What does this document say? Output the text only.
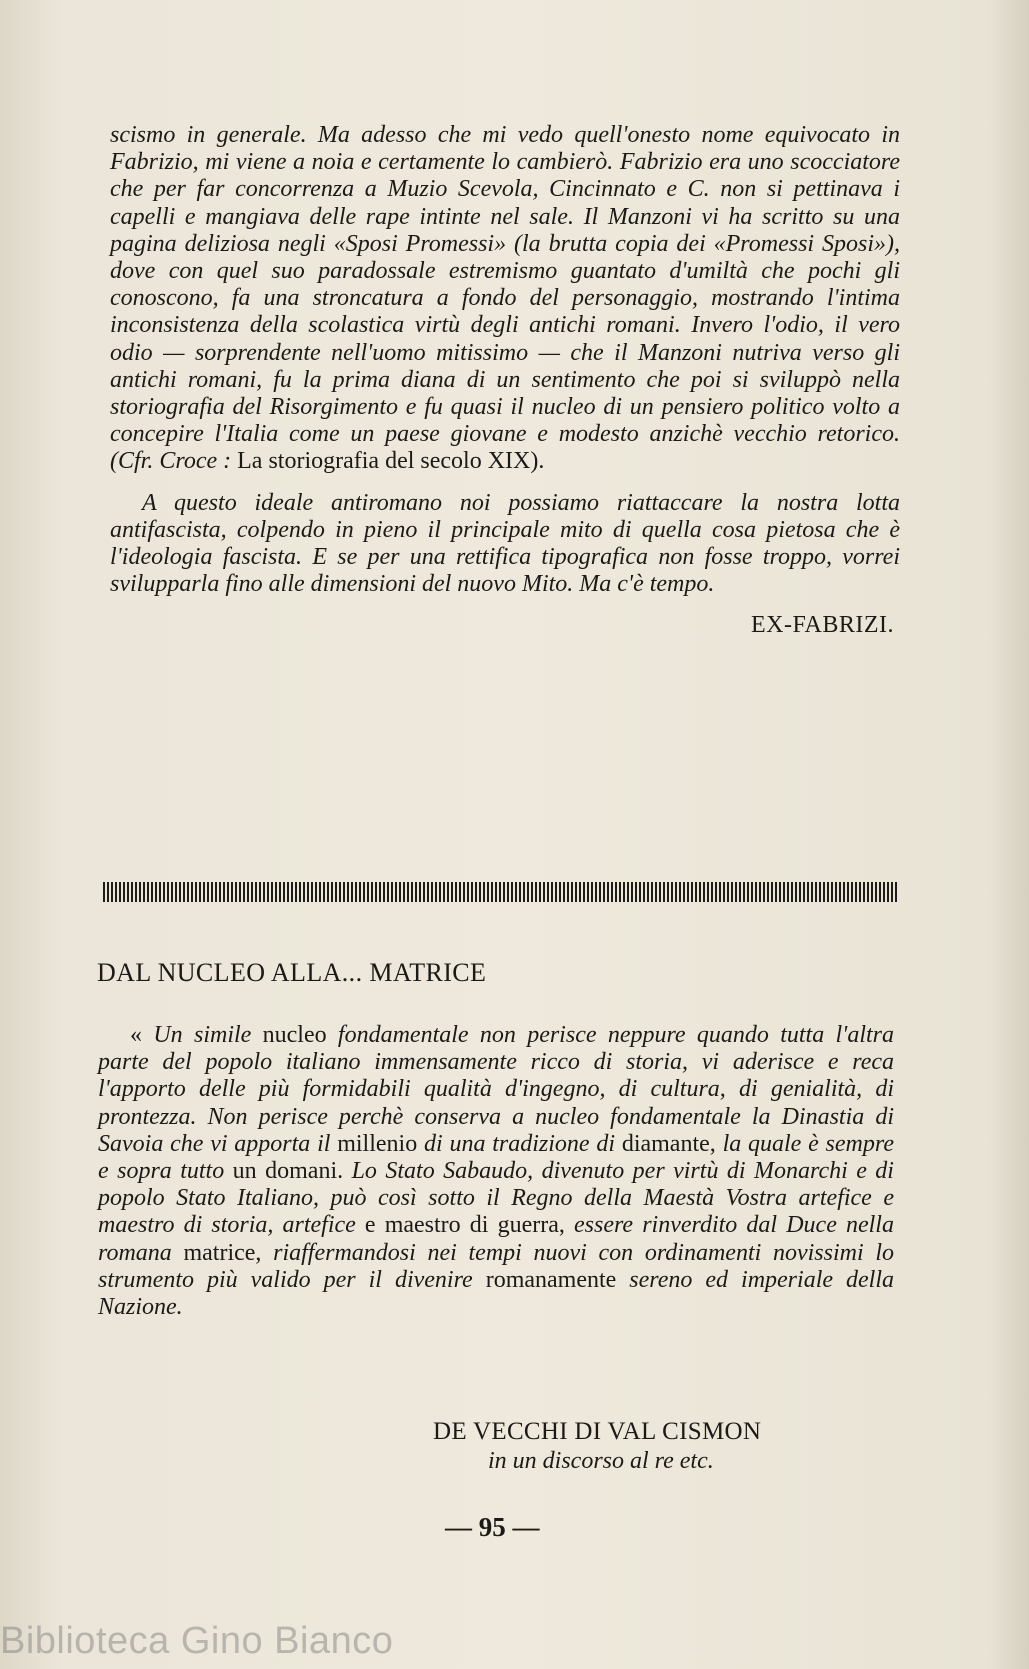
scismo in generale. Ma adesso che mi vedo quell'onesto nome equivocato in Fabrizio, mi viene a noia e certamente lo cambierò. Fabrizio era uno scocciatore che per far concorrenza a Muzio Scevola, Cincinnato e C. non si pettinava i capelli e mangiava delle rape intinte nel sale. Il Manzoni vi ha scritto su una pagina deliziosa negli «Sposi Promessi» (la brutta copia dei «Promessi Sposi»), dove con quel suo paradossale estremismo guantato d'umiltà che pochi gli conoscono, fa una stroncatura a fondo del personaggio, mostrando l'intima inconsistenza della scolastica virtù degli antichi romani. Invero l'odio, il vero odio — sorprendente nell'uomo mitissimo — che il Manzoni nutriva verso gli antichi romani, fu la prima diana di un sentimento che poi si sviluppò nella storiografia del Risorgimento e fu quasi il nucleo di un pensiero politico volto a concepire l'Italia come un paese giovane e modesto anzichè vecchio retorico. (Cfr. Croce : La storiografia del secolo XIX).

A questo ideale antiromano noi possiamo riattaccare la nostra lotta antifascista, colpendo in pieno il principale mito di quella cosa pietosa che è l'ideologia fascista. E se per una rettifica tipografica non fosse troppo, vorrei svilupparla fino alle dimensioni del nuovo Mito. Ma c'è tempo.

EX-FABRIZI.
DAL NUCLEO ALLA... MATRICE

« Un simile nucleo fondamentale non perisce neppure quando tutta l'altra parte del popolo italiano immensamente ricco di storia, vi aderisce e reca l'apporto delle più formidabili qualità d'ingegno, di cultura, di genialità, di prontezza. Non perisce perchè conserva a nucleo fondamentale la Dinastia di Savoia che vi apporta il millenio di una tradizione di diamante, la quale è sempre e sopra tutto un domani. Lo Stato Sabaudo, divenuto per virtù di Monarchi e di popolo Stato Italiano, può così sotto il Regno della Maestà Vostra artefice e maestro di storia, artefice e maestro di guerra, essere rinverdito dal Duce nella romana matrice, riaffermandosi nei tempi nuovi con ordinamenti novissimi lo strumento più valido per il divenire romanamente sereno ed imperiale della Nazione.

DE VECCHI DI VAL CISMON
in un discorso al re etc.
— 95 —
Biblioteca Gino Bianco
